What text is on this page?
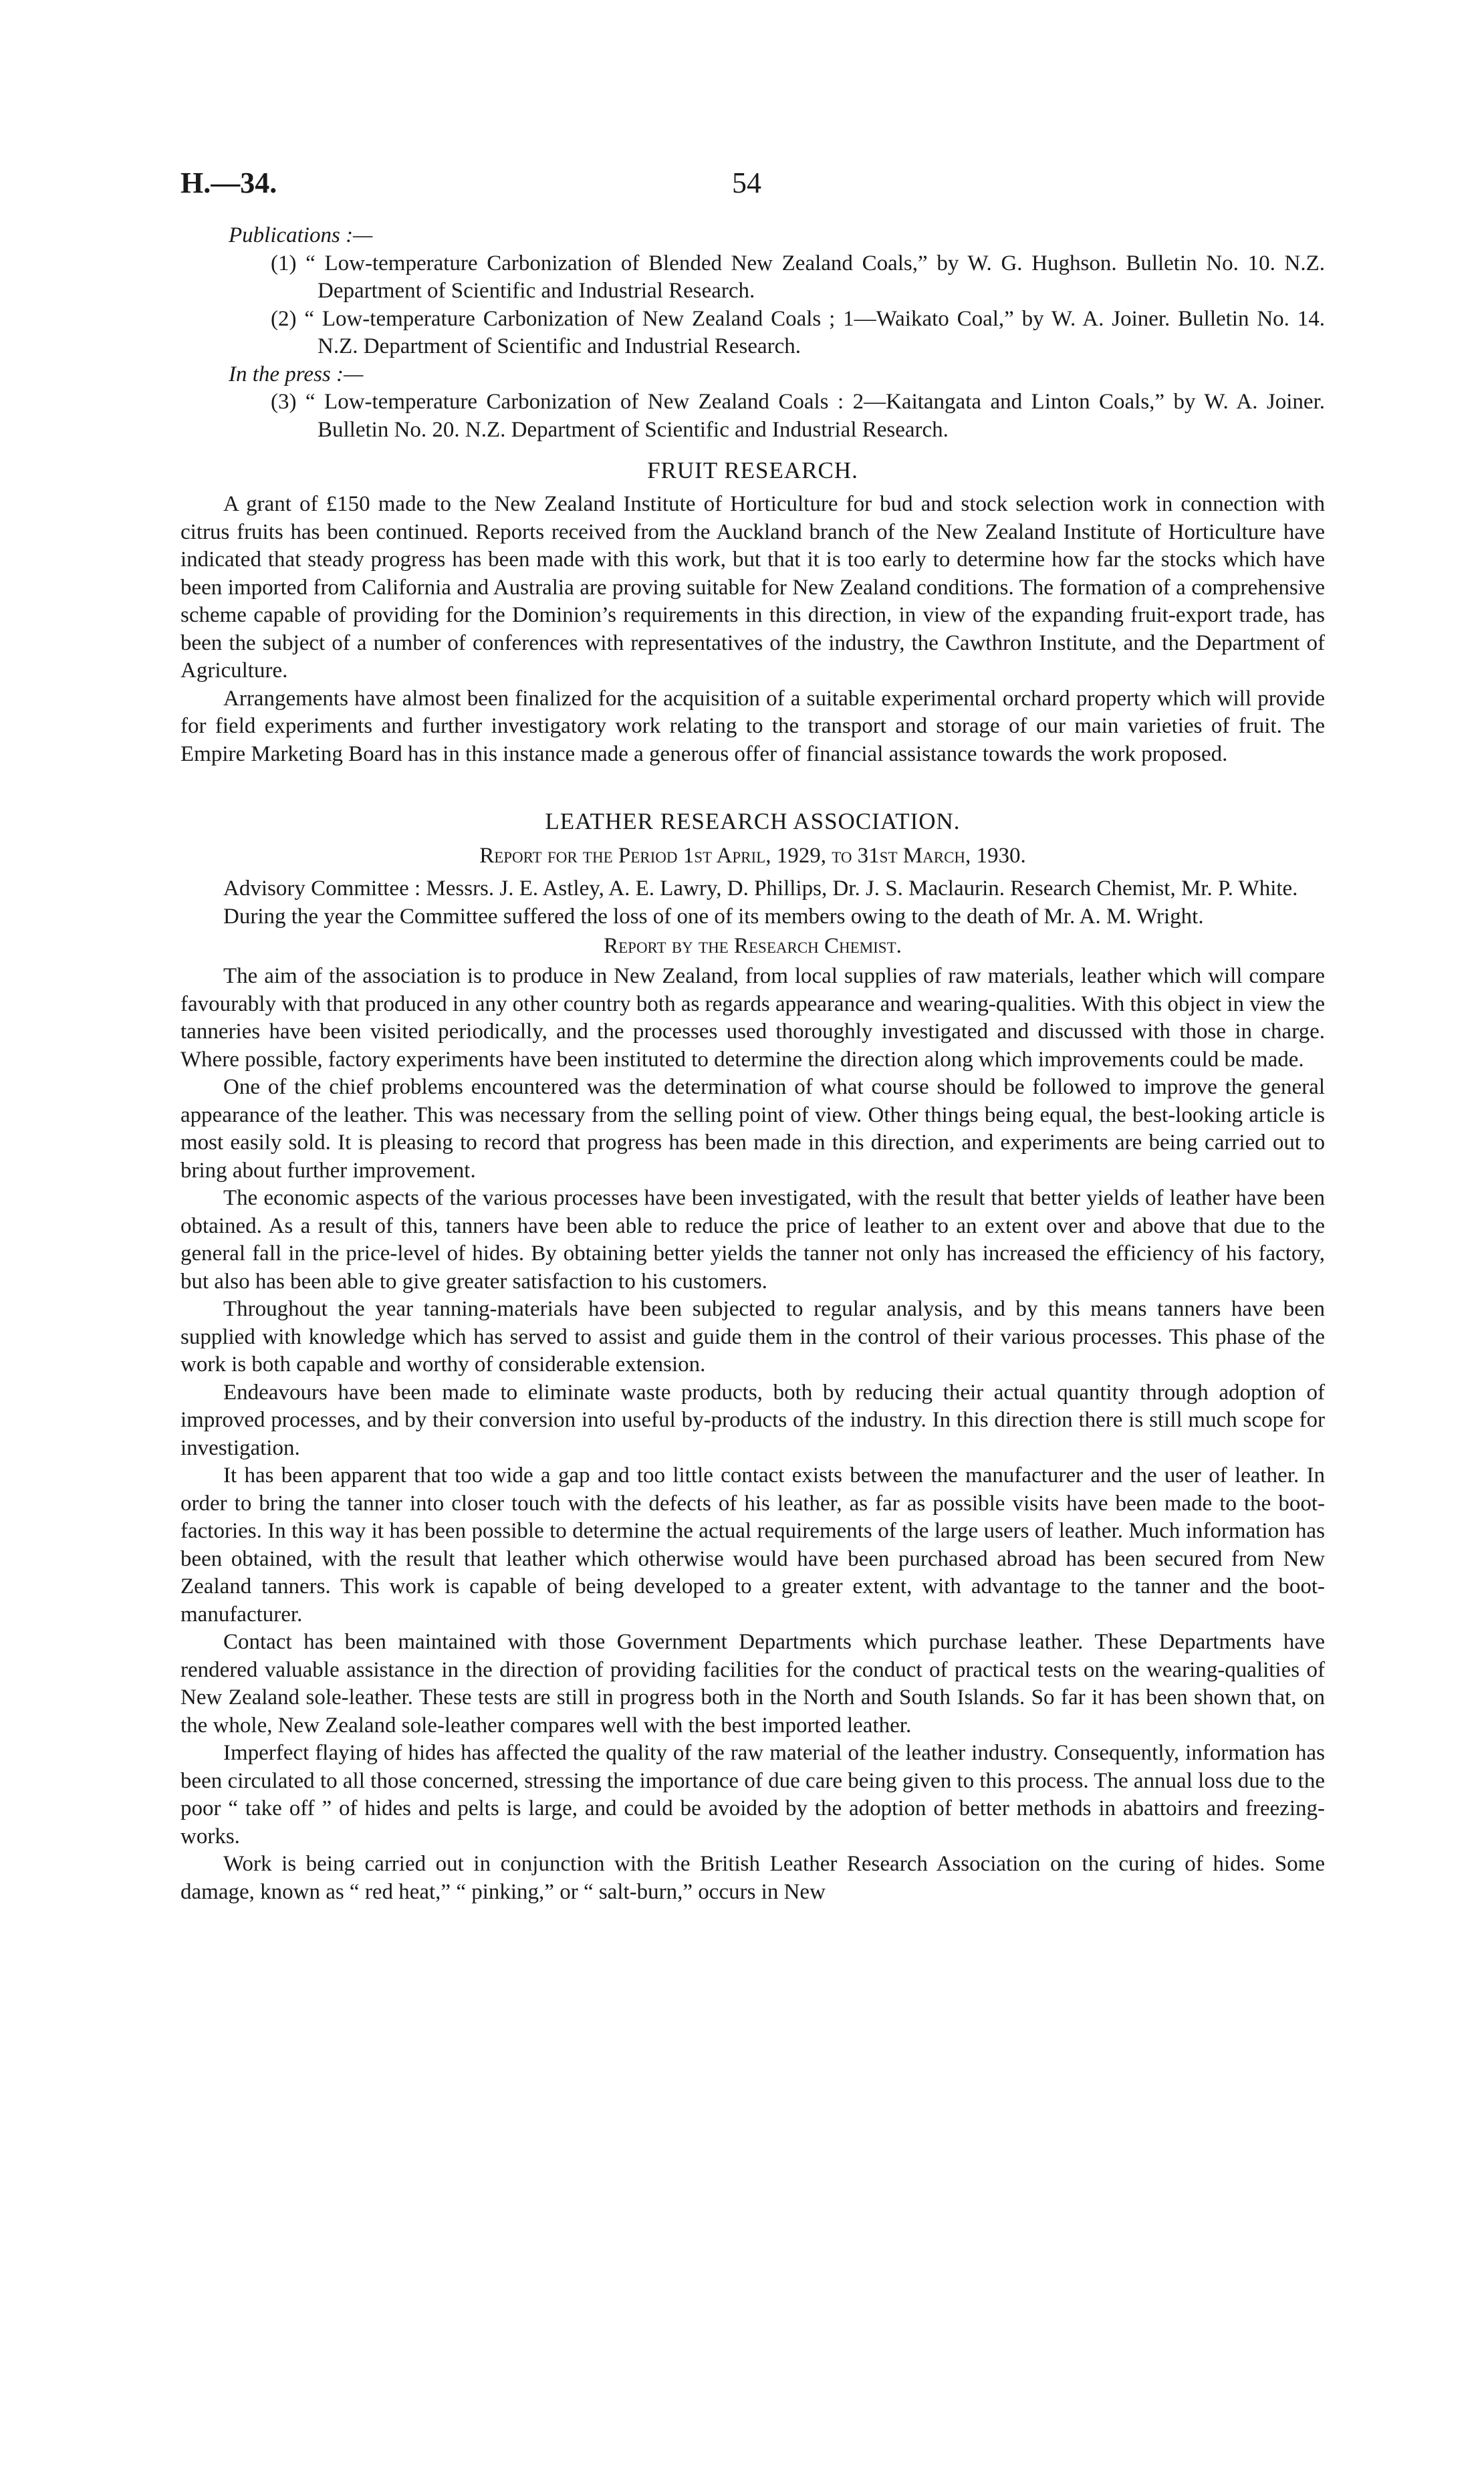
H.—34.	54

Publications :—

(1) “ Low-temperature Carbonization of Blended New Zealand Coals,” by W. G. Hughson. Bulletin No. 10. N.Z. Department of Scientific and Industrial Research.

(2) “ Low-temperature Carbonization of New Zealand Coals ; 1—Waikato Coal,” by W. A. Joiner. Bulletin No. 14. N.Z. Department of Scientific and Industrial Research.

In the press :—

(3) “ Low-temperature Carbonization of New Zealand Coals : 2—Kaitangata and Linton Coals,” by W. A. Joiner. Bulletin No. 20. N.Z. Department of Scientific and Industrial Research.

FRUIT RESEARCH.

A grant of £150 made to the New Zealand Institute of Horticulture for bud and stock selection work in connection with citrus fruits has been continued. Reports received from the Auckland branch of the New Zealand Institute of Horticulture have indicated that steady progress has been made with this work, but that it is too early to determine how far the stocks which have been imported from California and Australia are proving suitable for New Zealand conditions. The formation of a comprehensive scheme capable of providing for the Dominion’s requirements in this direction, in view of the expanding fruit-export trade, has been the subject of a number of conferences with representatives of the industry, the Cawthron Institute, and the Department of Agriculture.

Arrangements have almost been finalized for the acquisition of a suitable experimental orchard property which will provide for field experiments and further investigatory work relating to the transport and storage of our main varieties of fruit. The Empire Marketing Board has in this instance made a generous offer of financial assistance towards the work proposed.

LEATHER RESEARCH ASSOCIATION.
Report for the Period 1st April, 1929, to 31st March, 1930.

Advisory Committee : Messrs. J. E. Astley, A. E. Lawry, D. Phillips, Dr. J. S. Maclaurin. Research Chemist, Mr. P. White.

During the year the Committee suffered the loss of one of its members owing to the death of Mr. A. M. Wright.

Report by the Research Chemist.

The aim of the association is to produce in New Zealand, from local supplies of raw materials, leather which will compare favourably with that produced in any other country both as regards appearance and wearing-qualities. With this object in view the tanneries have been visited periodically, and the processes used thoroughly investigated and discussed with those in charge. Where possible, factory experiments have been instituted to determine the direction along which improvements could be made.

One of the chief problems encountered was the determination of what course should be followed to improve the general appearance of the leather. This was necessary from the selling point of view. Other things being equal, the best-looking article is most easily sold. It is pleasing to record that progress has been made in this direction, and experiments are being carried out to bring about further improvement.

The economic aspects of the various processes have been investigated, with the result that better yields of leather have been obtained. As a result of this, tanners have been able to reduce the price of leather to an extent over and above that due to the general fall in the price-level of hides. By obtaining better yields the tanner not only has increased the efficiency of his factory, but also has been able to give greater satisfaction to his customers.

Throughout the year tanning-materials have been subjected to regular analysis, and by this means tanners have been supplied with knowledge which has served to assist and guide them in the control of their various processes. This phase of the work is both capable and worthy of considerable extension.

Endeavours have been made to eliminate waste products, both by reducing their actual quantity through adoption of improved processes, and by their conversion into useful by-products of the industry. In this direction there is still much scope for investigation.

It has been apparent that too wide a gap and too little contact exists between the manufacturer and the user of leather. In order to bring the tanner into closer touch with the defects of his leather, as far as possible visits have been made to the boot-factories. In this way it has been possible to determine the actual requirements of the large users of leather. Much information has been obtained, with the result that leather which otherwise would have been purchased abroad has been secured from New Zealand tanners. This work is capable of being developed to a greater extent, with advantage to the tanner and the boot-manufacturer.

Contact has been maintained with those Government Departments which purchase leather. These Departments have rendered valuable assistance in the direction of providing facilities for the conduct of practical tests on the wearing-qualities of New Zealand sole-leather. These tests are still in progress both in the North and South Islands. So far it has been shown that, on the whole, New Zealand sole-leather compares well with the best imported leather.

Imperfect flaying of hides has affected the quality of the raw material of the leather industry. Consequently, information has been circulated to all those concerned, stressing the importance of due care being given to this process. The annual loss due to the poor “ take off ” of hides and pelts is large, and could be avoided by the adoption of better methods in abattoirs and freezing-works.

Work is being carried out in conjunction with the British Leather Research Association on the curing of hides. Some damage, known as “ red heat,” “ pinking,” or “ salt-burn,” occurs in New
